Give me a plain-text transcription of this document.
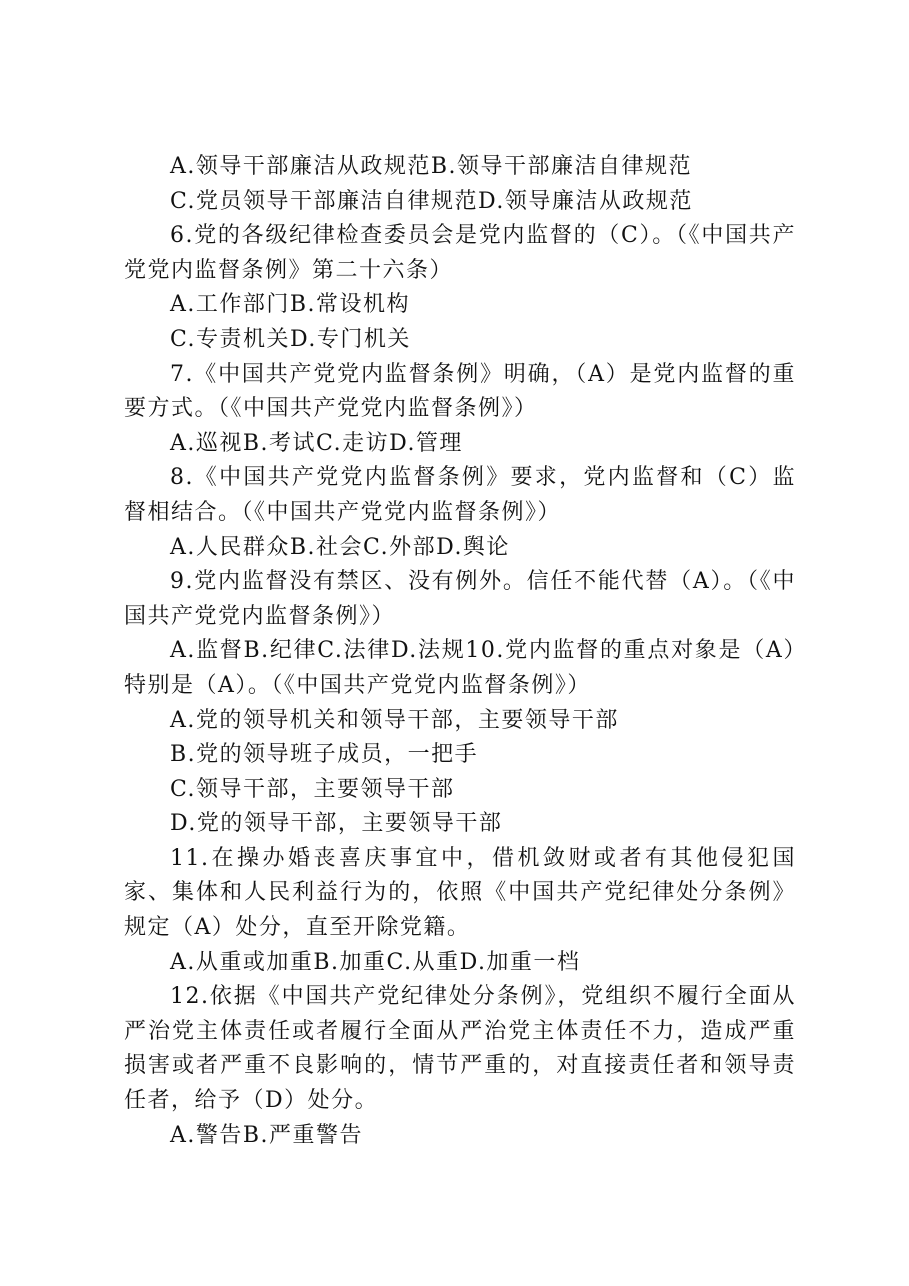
A.领导干部廉洁从政规范B.领导干部廉洁自律规范

C.党员领导干部廉洁自律规范D.领导廉洁从政规范

6.党的各级纪律检查委员会是党内监督的（C）。（《中国共产党党内监督条例》第二十六条）

A.工作部门B.常设机构

C.专责机关D.专门机关

7.《中国共产党党内监督条例》明确，（A）是党内监督的重要方式。（《中国共产党党内监督条例》）

A.巡视B.考试C.走访D.管理

8.《中国共产党党内监督条例》要求，党内监督和（C）监督相结合。（《中国共产党党内监督条例》）

A.人民群众B.社会C.外部D.舆论

9.党内监督没有禁区、没有例外。信任不能代替（A）。（《中国共产党党内监督条例》）

A.监督B.纪律C.法律D.法规10.党内监督的重点对象是（A）特别是（A）。（《中国共产党党内监督条例》）

A.党的领导机关和领导干部，主要领导干部

B.党的领导班子成员，一把手

C.领导干部，主要领导干部

D.党的领导干部，主要领导干部

11.在操办婚丧喜庆事宜中，借机敛财或者有其他侵犯国家、集体和人民利益行为的，依照《中国共产党纪律处分条例》规定（A）处分，直至开除党籍。

A.从重或加重B.加重C.从重D.加重一档

12.依据《中国共产党纪律处分条例》，党组织不履行全面从严治党主体责任或者履行全面从严治党主体责任不力，造成严重损害或者严重不良影响的，情节严重的，对直接责任者和领导责任者，给予（D）处分。

A.警告B.严重警告
